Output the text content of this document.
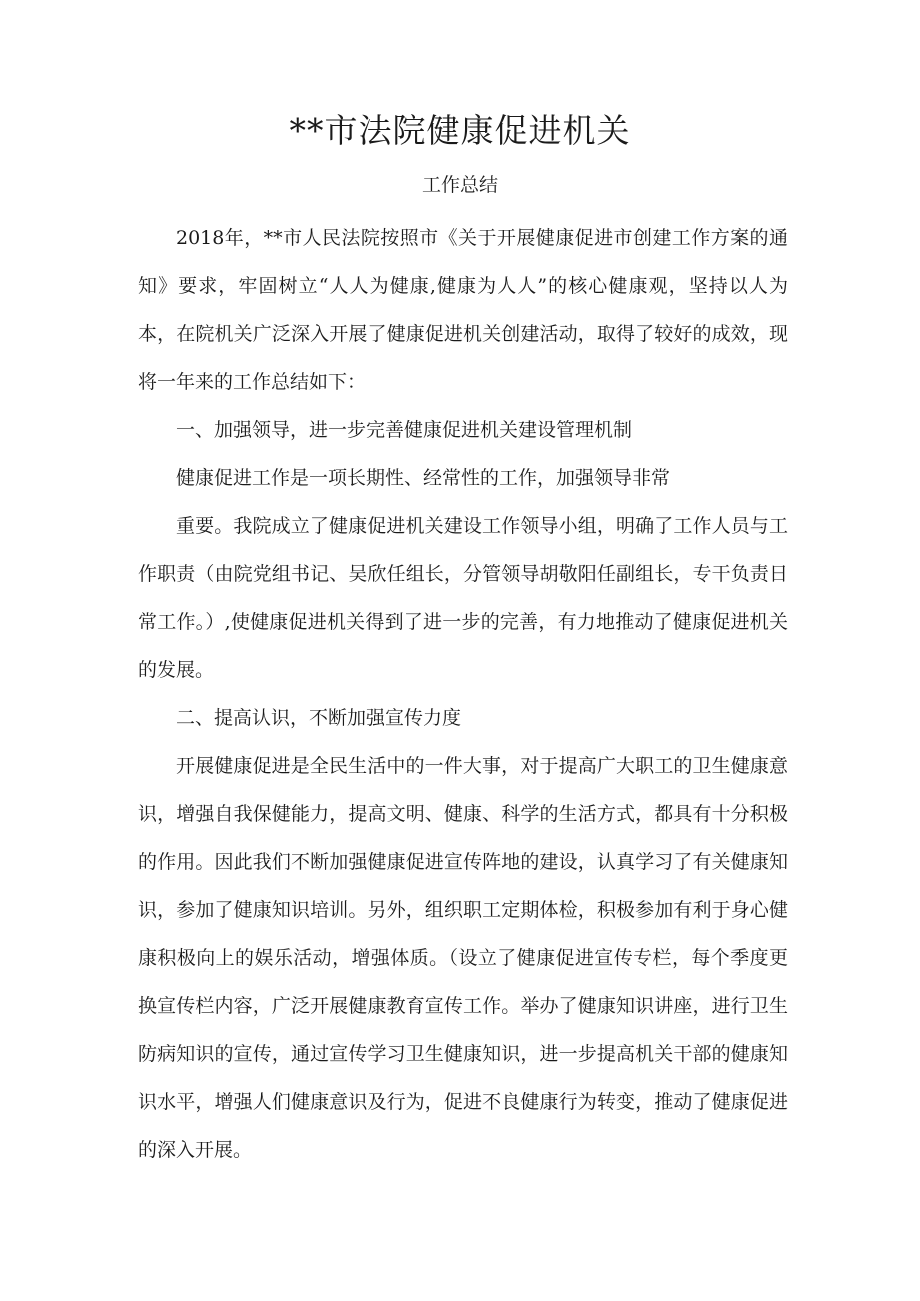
**市法院健康促进机关
工作总结

2018年，**市人民法院按照市《关于开展健康促进市创建工作方案的通知》要求，牢固树立“人人为健康,健康为人人”的核心健康观，坚持以人为本，在院机关广泛深入开展了健康促进机关创建活动，取得了较好的成效，现将一年来的工作总结如下：

一、加强领导，进一步完善健康促进机关建设管理机制

健康促进工作是一项长期性、经常性的工作，加强领导非常

重要。我院成立了健康促进机关建设工作领导小组，明确了工作人员与工作职责（由院党组书记、吴欣任组长，分管领导胡敬阳任副组长，专干负责日常工作。）,使健康促进机关得到了进一步的完善，有力地推动了健康促进机关的发展。

二、提高认识，不断加强宣传力度

开展健康促进是全民生活中的一件大事，对于提高广大职工的卫生健康意识，增强自我保健能力，提高文明、健康、科学的生活方式，都具有十分积极的作用。因此我们不断加强健康促进宣传阵地的建设，认真学习了有关健康知识，参加了健康知识培训。另外，组织职工定期体检，积极参加有利于身心健康积极向上的娱乐活动，增强体质。（设立了健康促进宣传专栏，每个季度更换宣传栏内容，广泛开展健康教育宣传工作。举办了健康知识讲座，进行卫生防病知识的宣传，通过宣传学习卫生健康知识，进一步提高机关干部的健康知识水平，增强人们健康意识及行为，促进不良健康行为转变，推动了健康促进的深入开展。
